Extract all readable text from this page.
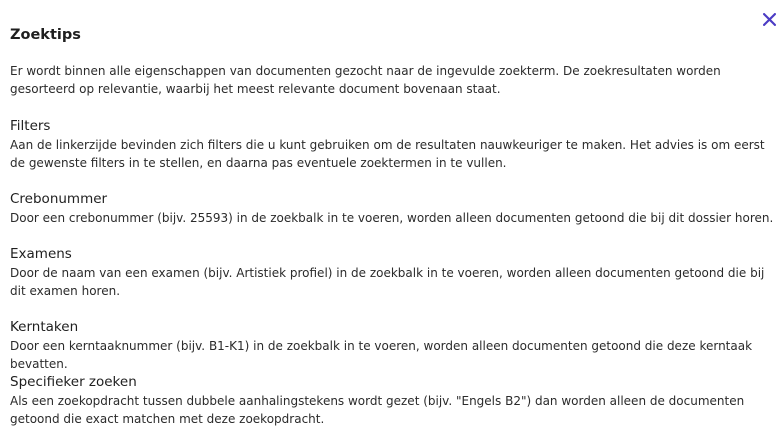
Zoektips

Er wordt binnen alle eigenschappen van documenten gezocht naar de ingevulde zoekterm. De zoekresultaten worden gesorteerd op relevantie, waarbij het meest relevante document bovenaan staat.

Filters

Aan de linkerzijde bevinden zich filters die u kunt gebruiken om de resultaten nauwkeuriger te maken. Het advies is om eerst de gewenste filters in te stellen, en daarna pas eventuele zoektermen in te vullen.

Crebonummer

Door een crebonummer (bijv. 25593) in de zoekbalk in te voeren, worden alleen documenten getoond die bij dit dossier horen.

Examens

Door de naam van een examen (bijv. Artistiek profiel) in de zoekbalk in te voeren, worden alleen documenten getoond die bij dit examen horen.

Kerntaken

Door een kerntaaknummer (bijv. B1-K1) in de zoekbalk in te voeren, worden alleen documenten getoond die deze kerntaak bevatten.

Specifieker zoeken

Als een zoekopdracht tussen dubbele aanhalingstekens wordt gezet (bijv. "Engels B2") dan worden alleen de documenten getoond die exact matchen met deze zoekopdracht.
